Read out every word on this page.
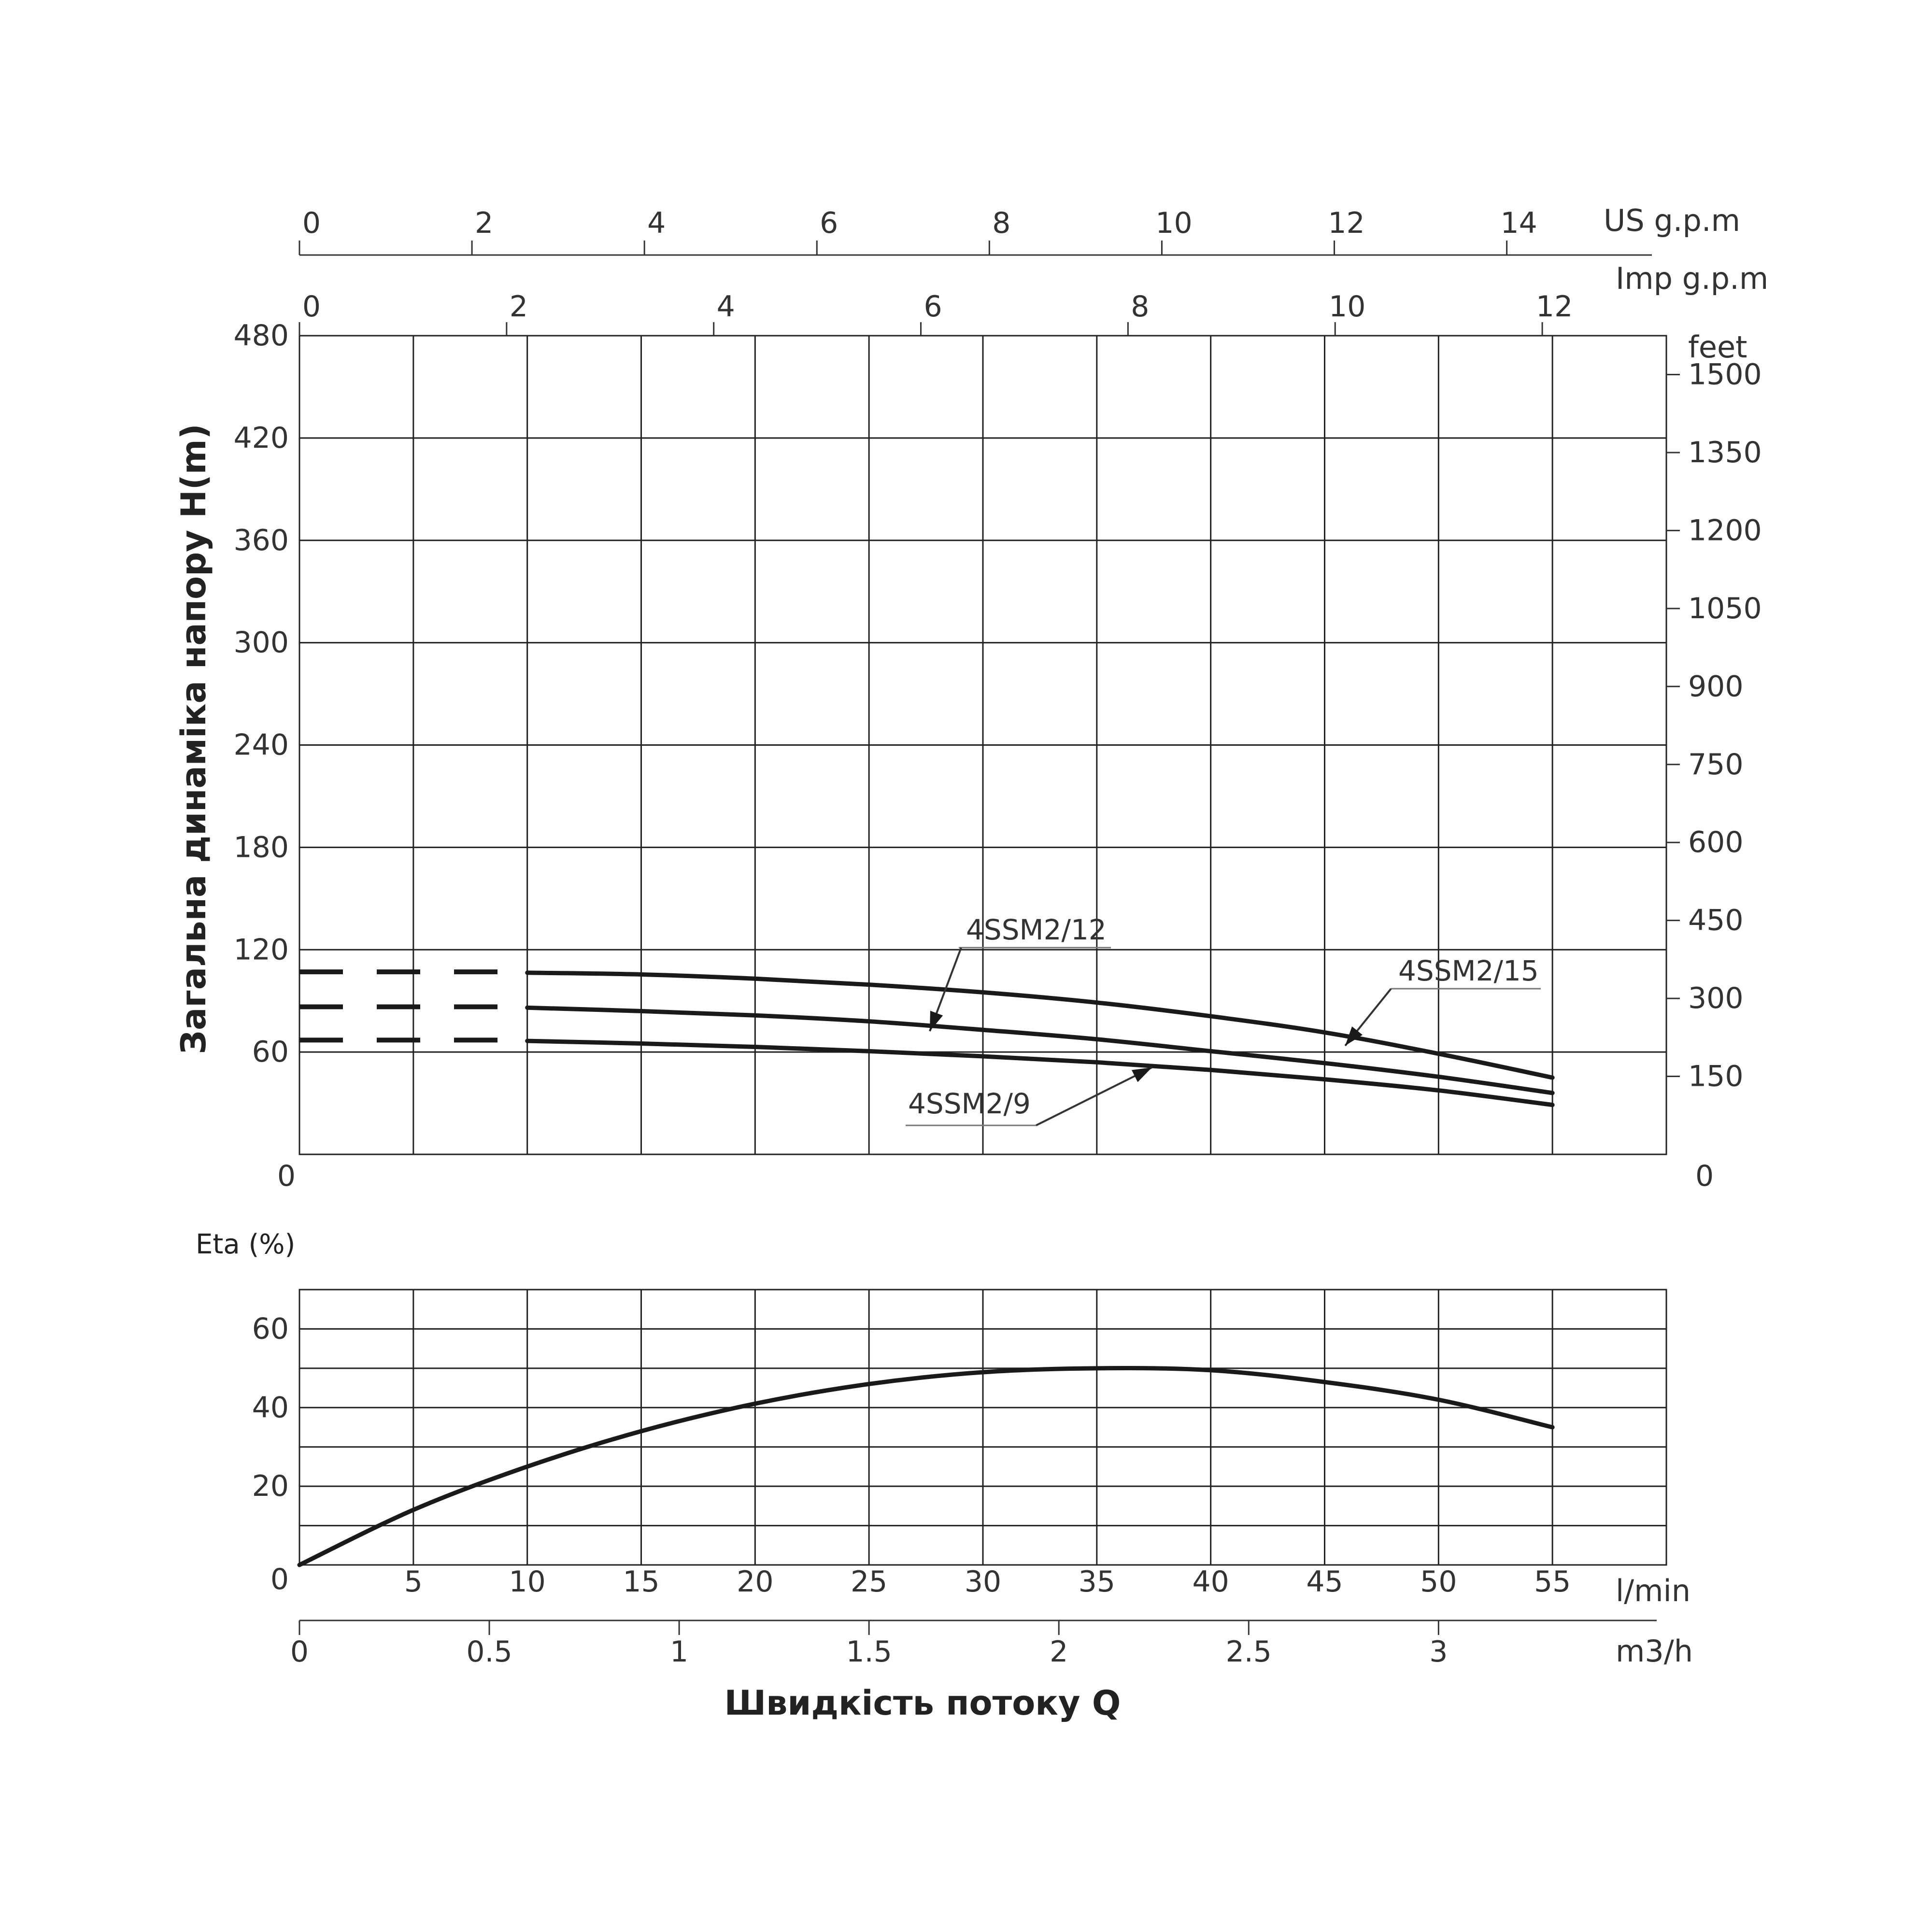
4SSM2/12
4SSM2/15
4SSM2/9
0
60
120
180
240
300
360
420
480	feet
0
150
300
450
600
750
900
1050
1200
1350
1500
0	2	4	6	8	10	12	14 US g.p.m
Imp g.p.m
0	2	4	6	8	10	12
20
40
60
0	5	10	15	20	25	30	35	40	45	50	55 l/min
0	0.5	1	1.5	2	2.5	3	m3/h
Загальна динаміка напору H(m)
Швидкість потоку Q
Eta (%)
